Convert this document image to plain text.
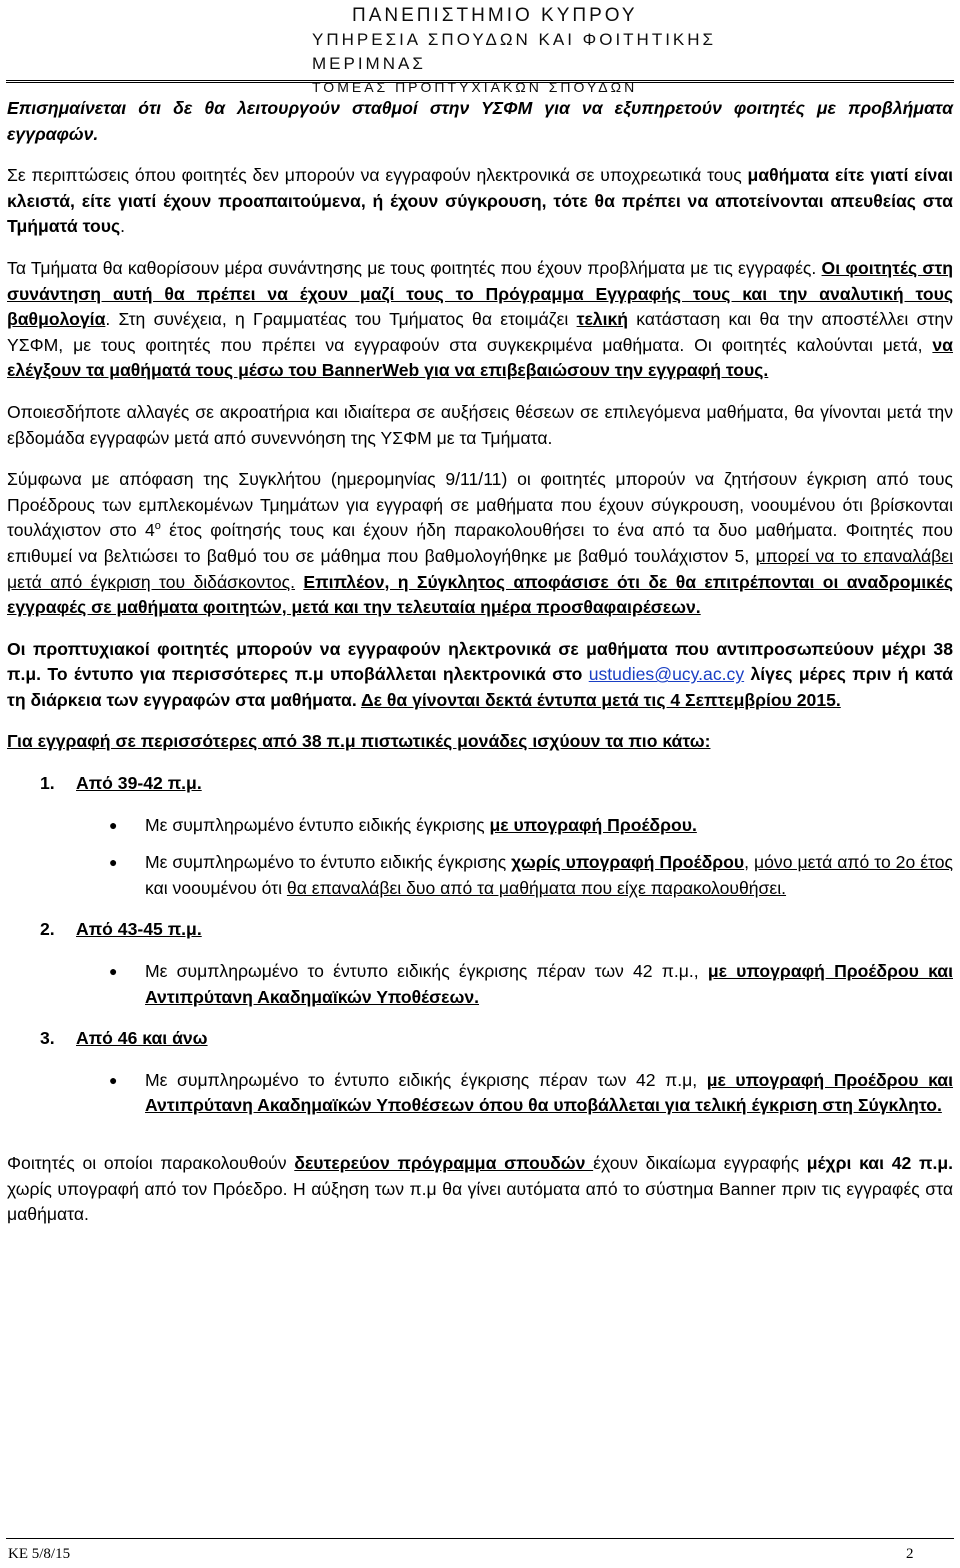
ΠΑΝΕΠΙΣΤΗΜΙΟ ΚΥΠΡΟΥ
ΥΠΗΡΕΣΙΑ ΣΠΟΥΔΩΝ ΚΑΙ ΦΟΙΤΗΤΙΚΗΣ ΜΕΡΙΜΝΑΣ
ΤΟΜΕΑΣ ΠΡΟΠΤΥΧΙΑΚΩΝ ΣΠΟΥΔΩΝ

Επισημαίνεται ότι δε θα λειτουργούν σταθμοί στην ΥΣΦΜ για να εξυπηρετούν φοιτητές με προβλήματα εγγραφών.

Σε περιπτώσεις όπου φοιτητές δεν μπορούν να εγγραφούν ηλεκτρονικά σε υποχρεωτικά τους μαθήματα είτε γιατί είναι κλειστά, είτε γιατί έχουν προαπαιτούμενα, ή έχουν σύγκρουση, τότε θα πρέπει να αποτείνονται απευθείας στα Τμήματά τους.

Τα Τμήματα θα καθορίσουν μέρα συνάντησης με τους φοιτητές που έχουν προβλήματα με τις εγγραφές. Οι φοιτητές στη συνάντηση αυτή θα πρέπει να έχουν μαζί τους το Πρόγραμμα Εγγραφής τους και την αναλυτική τους βαθμολογία. Στη συνέχεια, η Γραμματέας του Τμήματος θα ετοιμάζει τελική κατάσταση και θα την αποστέλλει στην ΥΣΦΜ, με τους φοιτητές που πρέπει να εγγραφούν στα συγκεκριμένα μαθήματα. Οι φοιτητές καλούνται μετά, να ελέγξουν τα μαθήματά τους μέσω του BannerWeb για να επιβεβαιώσουν την εγγραφή τους.

Οποιεσδήποτε αλλαγές σε ακροατήρια και ιδιαίτερα σε αυξήσεις θέσεων σε επιλεγόμενα μαθήματα, θα γίνονται μετά την εβδομάδα εγγραφών μετά από συνεννόηση της ΥΣΦΜ με τα Τμήματα.

Σύμφωνα με απόφαση της Συγκλήτου (ημερομηνίας 9/11/11) οι φοιτητές μπορούν να ζητήσουν έγκριση από τους Προέδρους των εμπλεκομένων Τμημάτων για εγγραφή σε μαθήματα που έχουν σύγκρουση, νοουμένου ότι βρίσκονται τουλάχιστον στο $4^o$ έτος φοίτησής τους και έχουν ήδη παρακολουθήσει το ένα από τα δυο μαθήματα. Φοιτητές που επιθυμεί να βελτιώσει το βαθμό του σε μάθημα που βαθμολογήθηκε με βαθμό τουλάχιστον 5, μπορεί να το επαναλάβει μετά από έγκριση του διδάσκοντος. Επιπλέον, η Σύγκλητος αποφάσισε ότι δε θα επιτρέπονται οι αναδρομικές εγγραφές σε μαθήματα φοιτητών, μετά και την τελευταία ημέρα προσθαφαιρέσεων.

Οι προπτυχιακοί φοιτητές μπορούν να εγγραφούν ηλεκτρονικά σε μαθήματα που αντιπροσωπεύουν μέχρι 38 π.μ. Το έντυπο για περισσότερες π.μ υποβάλλεται ηλεκτρονικά στο ustudies@ucy.ac.cy λίγες μέρες πριν ή κατά τη διάρκεια των εγγραφών στα μαθήματα. Δε θα γίνονται δεκτά έντυπα μετά τις 4 Σεπτεμβρίου 2015.

Για εγγραφή σε περισσότερες από 38 π.μ πιστωτικές μονάδες ισχύουν τα πιο κάτω:

1.	Από 39-42 π.μ.
●	Με συμπληρωμένο έντυπο ειδικής έγκρισης με υπογραφή Προέδρου.
●	Με συμπληρωμένο το έντυπο ειδικής έγκρισης χωρίς υπογραφή Προέδρου, μόνο μετά από το 2ο έτος και νοουμένου ότι θα επαναλάβει δυο από τα μαθήματα που είχε παρακολουθήσει.
2.	Από 43-45 π.μ.
●	Με συμπληρωμένο το έντυπο ειδικής έγκρισης πέραν των 42 π.μ., με υπογραφή Προέδρου και Αντιπρύτανη Ακαδημαϊκών Υποθέσεων.
3.	Από 46 και άνω
●	Με συμπληρωμένο το έντυπο ειδικής έγκρισης πέραν των 42 π.μ, με υπογραφή Προέδρου και Αντιπρύτανη Ακαδημαϊκών Υποθέσεων όπου θα υποβάλλεται για τελική έγκριση στη Σύγκλητο.

Φοιτητές οι οποίοι παρακολουθούν δευτερεύον πρόγραμμα σπουδών έχουν δικαίωμα εγγραφής μέχρι και 42 π.μ. χωρίς υπογραφή από τον Πρόεδρο. Η αύξηση των π.μ θα γίνει αυτόματα από το σύστημα Banner πριν τις εγγραφές στα μαθήματα.

ΚΕ 5/8/15	2
